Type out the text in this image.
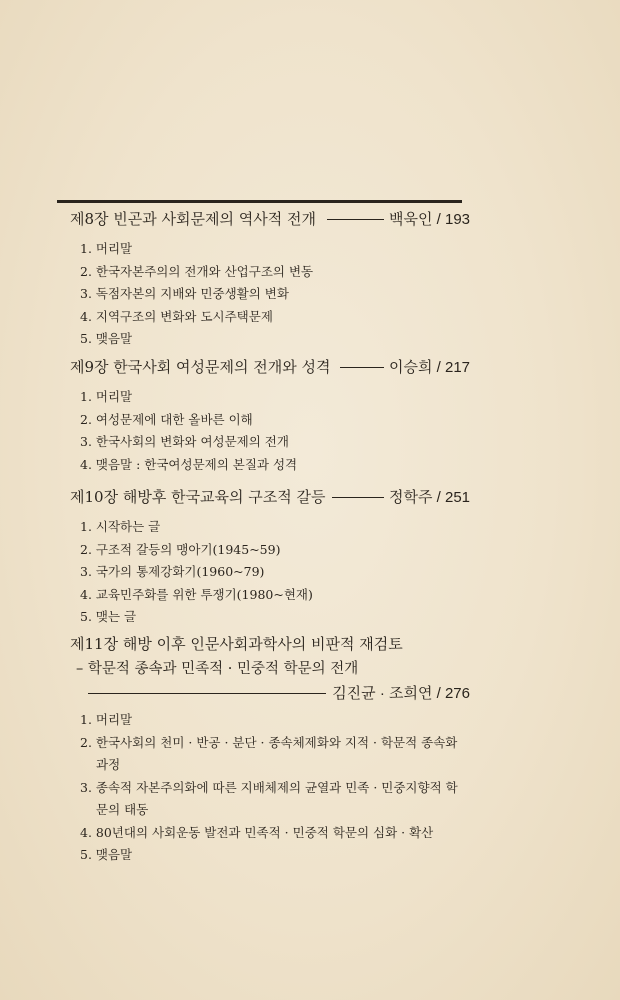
제8장 빈곤과 사회문제의 역사적 전개	백욱인 / 193
1. 머리말
2. 한국자본주의의 전개와 산업구조의 변동
3. 독점자본의 지배와 민중생활의 변화
4. 지역구조의 변화와 도시주택문제
5. 맺음말
제9장 한국사회 여성문제의 전개와 성격	이승희 / 217
1. 머리말
2. 여성문제에 대한 올바른 이해
3. 한국사회의 변화와 여성문제의 전개
4. 맺음말 : 한국여성문제의 본질과 성격
제10장 해방후 한국교육의 구조적 갈등	정학주 / 251
1. 시작하는 글
2. 구조적 갈등의 맹아기(1945~59)
3. 국가의 통제강화기(1960~79)
4. 교육민주화를 위한 투쟁기(1980~현재)
5. 맺는 글
제11장 해방 이후 인문사회과학사의 비판적 재검토
– 학문적 종속과 민족적 · 민중적 학문의 전개
김진균 · 조희연 / 276
1. 머리말
2. 한국사회의 천미 · 반공 · 분단 · 종속체제화와 지적 · 학문적 종속화 과정
3. 종속적 자본주의화에 따른 지배체제의 균열과 민족 · 민중지향적 학문의 태동
4. 80년대의 사회운동 발전과 민족적 · 민중적 학문의 심화 · 확산
5. 맺음말
